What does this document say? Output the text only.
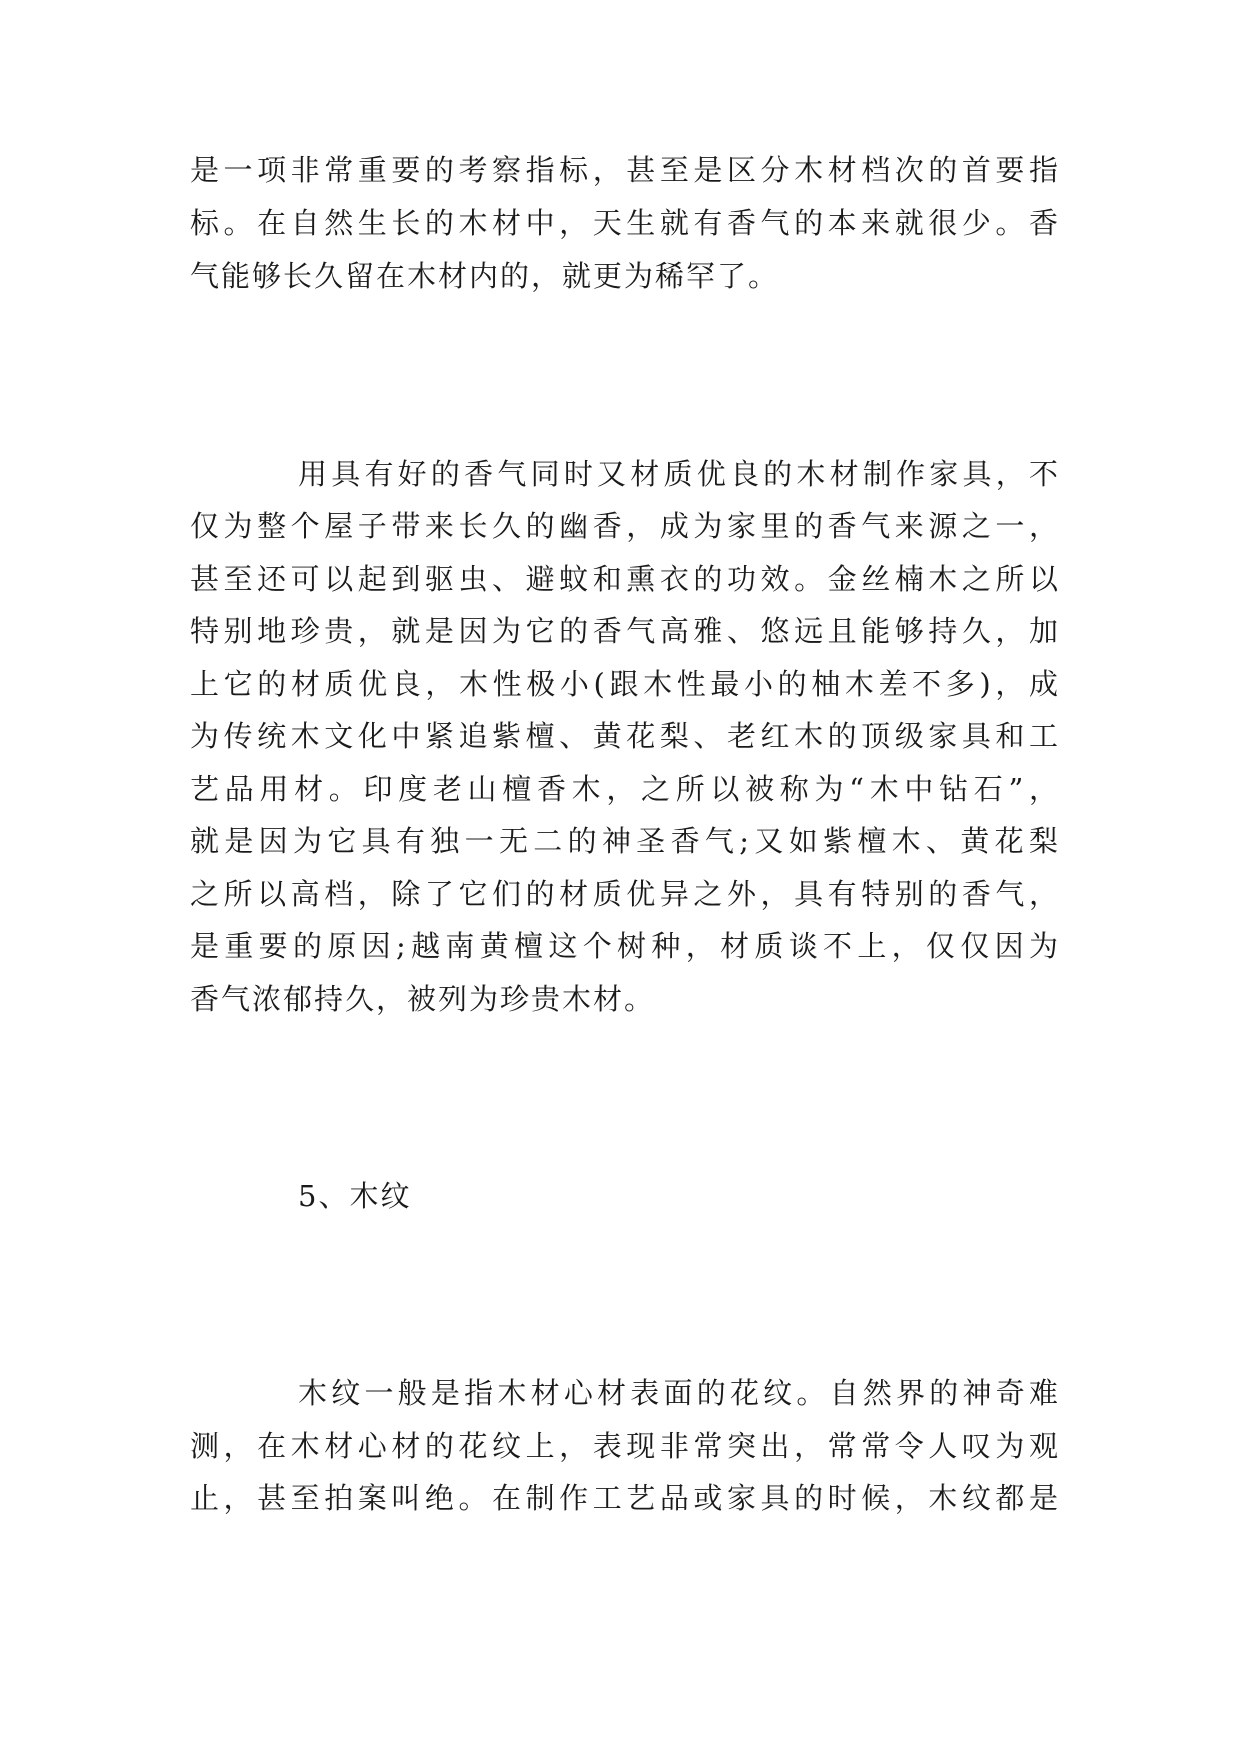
是一项非常重要的考察指标，甚至是区分木材档次的首要指
标。在自然生长的木材中，天生就有香气的本来就很少。香
气能够长久留在木材内的，就更为稀罕了。
用具有好的香气同时又材质优良的木材制作家具，不
仅为整个屋子带来长久的幽香，成为家里的香气来源之一，
甚至还可以起到驱虫、避蚊和熏衣的功效。金丝楠木之所以
特别地珍贵，就是因为它的香气高雅、悠远且能够持久，加
上它的材质优良，木性极小(跟木性最小的柚木差不多)，成
为传统木文化中紧追紫檀、黄花梨、老红木的顶级家具和工
艺品用材。印度老山檀香木，之所以被称为“木中钻石”，
就是因为它具有独一无二的神圣香气;又如紫檀木、黄花梨
之所以高档，除了它们的材质优异之外，具有特别的香气，
是重要的原因;越南黄檀这个树种，材质谈不上，仅仅因为
香气浓郁持久，被列为珍贵木材。
5、木纹
木纹一般是指木材心材表面的花纹。自然界的神奇难
测，在木材心材的花纹上，表现非常突出，常常令人叹为观
止，甚至拍案叫绝。在制作工艺品或家具的时候，木纹都是
